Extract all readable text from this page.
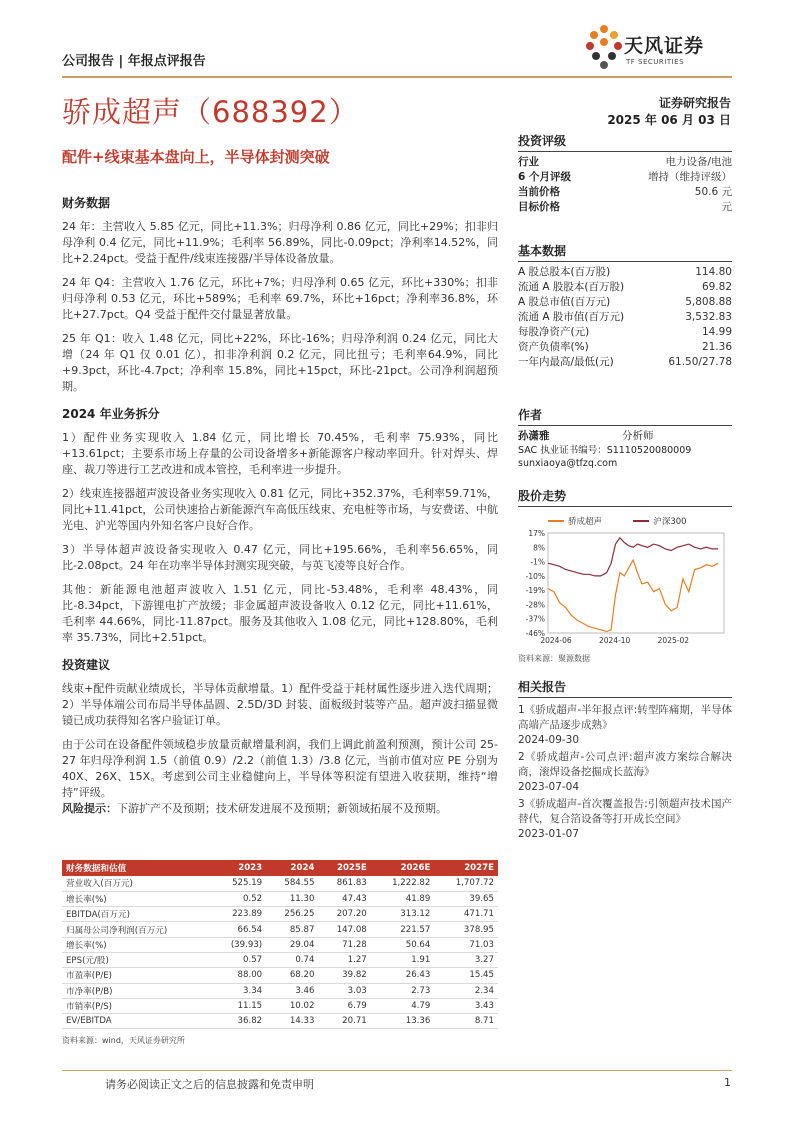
公司报告 | 年报点评报告
天风证券
TF SECURITIES
骄成超声（688392）	证券研究报告
2025 年 06 月 03 日
配件+线束基本盘向上，半导体封测突破
财务数据

24 年：主营收入 5.85 亿元，同比+11.3%；归母净利 0.86 亿元，同比+29%；扣非归母净利 0.4 亿元，同比+11.9%；毛利率 56.89%，同比-0.09pct；净利率14.52%，同比+2.24pct。受益于配件/线束连接器/半导体设备放量。

24 年 Q4：主营收入 1.76 亿元，环比+7%；归母净利 0.65 亿元，环比+330%；扣非归母净利 0.53 亿元，环比+589%；毛利率 69.7%，环比+16pct；净利率36.8%，环比+27.7pct。Q4 受益于配件交付量显著放量。

25 年 Q1：收入 1.48 亿元，同比+22%，环比-16%；归母净利润 0.24 亿元，同比大增（24 年 Q1 仅 0.01 亿），扣非净利润 0.2 亿元，同比扭亏；毛利率64.9%，同比+9.3pct，环比-4.7pct；净利率 15.8%，同比+15pct，环比-21pct。公司净利润超预期。

2024 年业务拆分

1）配件业务实现收入 1.84 亿元，同比增长 70.45%，毛利率 75.93%，同比+13.61pct；主要系市场上存量的公司设备增多+新能源客户稼动率回升。针对焊头、焊座、裁刀等进行工艺改进和成本管控，毛利率进一步提升。

2）线束连接器超声波设备业务实现收入 0.81 亿元，同比+352.37%，毛利率59.71%，同比+11.41pct，公司快速拾占新能源汽车高低压线束、充电桩等市场，与安费诺、中航光电、沪光等国内外知名客户良好合作。

3）半导体超声波设备实现收入 0.47 亿元，同比+195.66%，毛利率56.65%，同比-2.08pct。24 年在功率半导体封测实现突破，与英飞凌等良好合作。

其他：新能源电池超声波收入 1.51 亿元，同比-53.48%，毛利率 48.43%，同比-8.34pct，下游锂电扩产放缓；非金属超声波设备收入 0.12 亿元，同比+11.61%，毛利率 44.66%，同比-11.87pct。服务及其他收入 1.08 亿元，同比+128.80%，毛利率 35.73%，同比+2.51pct。

投资建议

线束+配件贡献业绩成长，半导体贡献增量。1）配件受益于耗材属性逐步进入迭代周期；2）半导体端公司布局半导体晶圆、2.5D/3D 封装、面板级封装等产品。超声波扫描显微镜已成功获得知名客户验证订单。

由于公司在设备配件领域稳步放量贡献增量利润，我们上调此前盈利预测，预计公司 25-27 年归母净利润 1.5（前值 0.9）/2.2（前值 1.3）/3.8 亿元，当前市值对应 PE 分别为 40X、26X、15X。考虑到公司主业稳健向上，半导体等积淀有望进入收获期，维持“增持”评级。

风险提示：下游扩产不及预期；技术研发进展不及预期；新领域拓展不及预期。

财务数据和估值	2023	2024	2025E	2026E	2027E
营业收入(百万元)	525.19	584.55	861.83	1,222.82	1,707.72
增长率(%)	0.52	11.30	47.43	41.89	39.65
EBITDA(百万元)	223.89	256.25	207.20	313.12	471.71
归属母公司净利润(百万元)	66.54	85.87	147.08	221.57	378.95
增长率(%)	(39.93)	29.04	71.28	50.64	71.03
EPS(元/股)	0.57	0.74	1.27	1.91	3.27
市盈率(P/E)	88.00	68.20	39.82	26.43	15.45
市净率(P/B)	3.34	3.46	3.03	2.73	2.34
市销率(P/S)	11.15	10.02	6.79	4.79	3.43
EV/EBITDA	36.82	14.33	20.71	13.36	8.71
资料来源：wind，天风证券研究所
投资评级
行业	电力设备/电池
6 个月评级	增持（维持评级）
当前价格	50.6 元
目标价格	元
基本数据
A 股总股本(百万股)	114.80
流通 A 股股本(百万股)	69.82
A 股总市值(百万元)	5,808.88
流通 A 股市值(百万元)	3,532.83
每股净资产(元)	14.99
资产负债率(%)	21.36
一年内最高/最低(元)	61.50/27.78
作者
孙潇雅	分析师
SAC 执业证书编号：S1110520080009
sunxiaoya@tfzq.com
股价走势
骄成超声
	沪深300
17%
8%
-1%
-10%
-19%
-28%
-37%
-46%
2024-06	2024-10	2025-02
资料来源：聚源数据
相关报告
1《骄成超声-半年报点评:转型阵痛期，半导体高端产品逐步成熟》
2024-09-30
2《骄成超声-公司点评:超声波方案综合解决商，滚焊设备挖掘成长蓝海》
2023-07-04
3《骄成超声-首次覆盖报告:引领超声技术国产替代，复合箔设备等打开成长空间》
2023-01-07
请务必阅读正文之后的信息披露和免责申明	1
